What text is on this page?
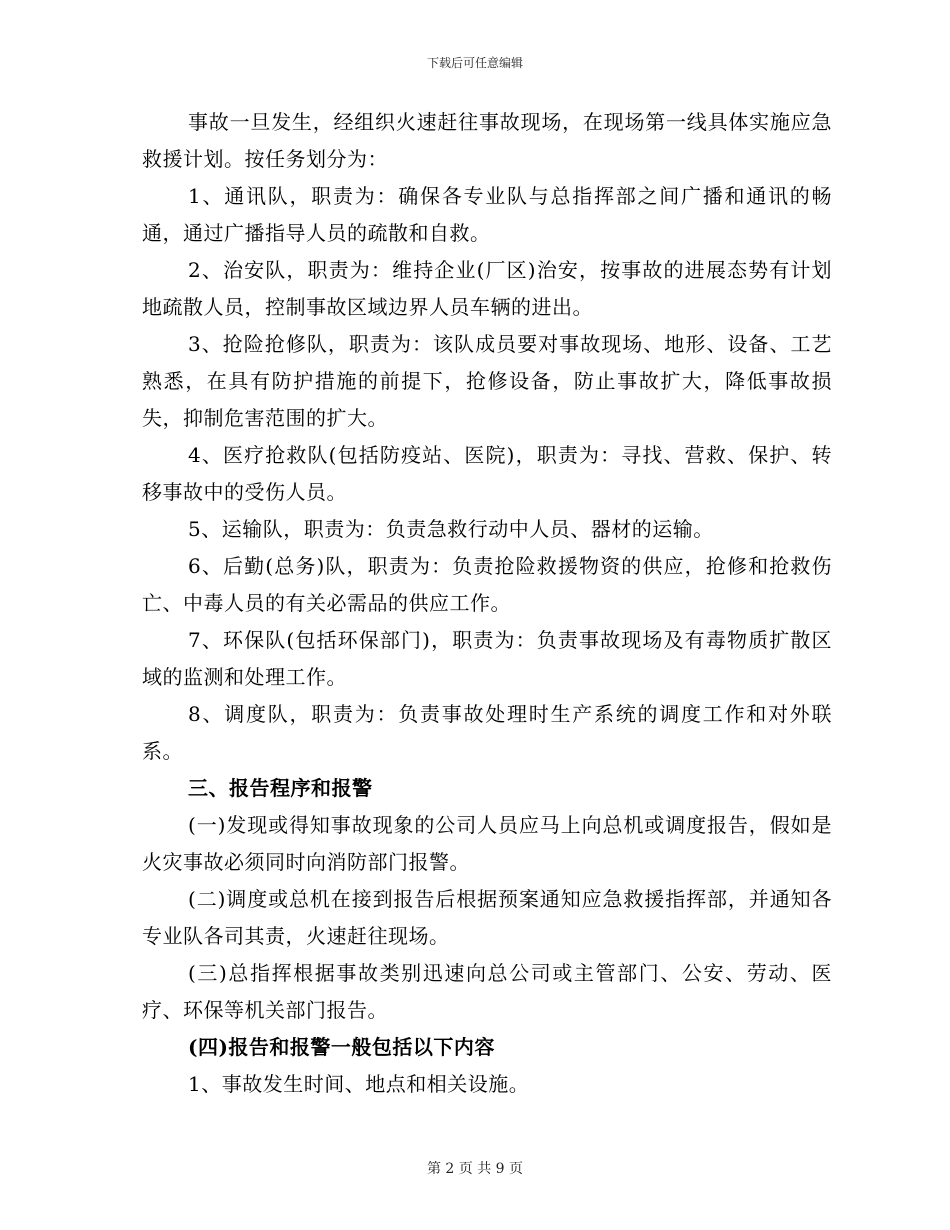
下载后可任意编辑

事故一旦发生，经组织火速赶往事故现场，在现场第一线具体实施应急救援计划。按任务划分为：

1、通讯队，职责为：确保各专业队与总指挥部之间广播和通讯的畅通，通过广播指导人员的疏散和自救。

2、治安队，职责为：维持企业(厂区)治安，按事故的进展态势有计划地疏散人员，控制事故区域边界人员车辆的进出。

3、抢险抢修队，职责为：该队成员要对事故现场、地形、设备、工艺熟悉，在具有防护措施的前提下，抢修设备，防止事故扩大，降低事故损失，抑制危害范围的扩大。

4、医疗抢救队(包括防疫站、医院)，职责为：寻找、营救、保护、转移事故中的受伤人员。

5、运输队，职责为：负责急救行动中人员、器材的运输。

6、后勤(总务)队，职责为：负责抢险救援物资的供应，抢修和抢救伤亡、中毒人员的有关必需品的供应工作。

7、环保队(包括环保部门)，职责为：负责事故现场及有毒物质扩散区域的监测和处理工作。

8、调度队，职责为：负责事故处理时生产系统的调度工作和对外联系。

三、报告程序和报警

(一)发现或得知事故现象的公司人员应马上向总机或调度报告，假如是火灾事故必须同时向消防部门报警。

(二)调度或总机在接到报告后根据预案通知应急救援指挥部，并通知各专业队各司其责，火速赶往现场。

(三)总指挥根据事故类别迅速向总公司或主管部门、公安、劳动、医疗、环保等机关部门报告。

(四)报告和报警一般包括以下内容

1、事故发生时间、地点和相关设施。

第 2 页 共 9 页
